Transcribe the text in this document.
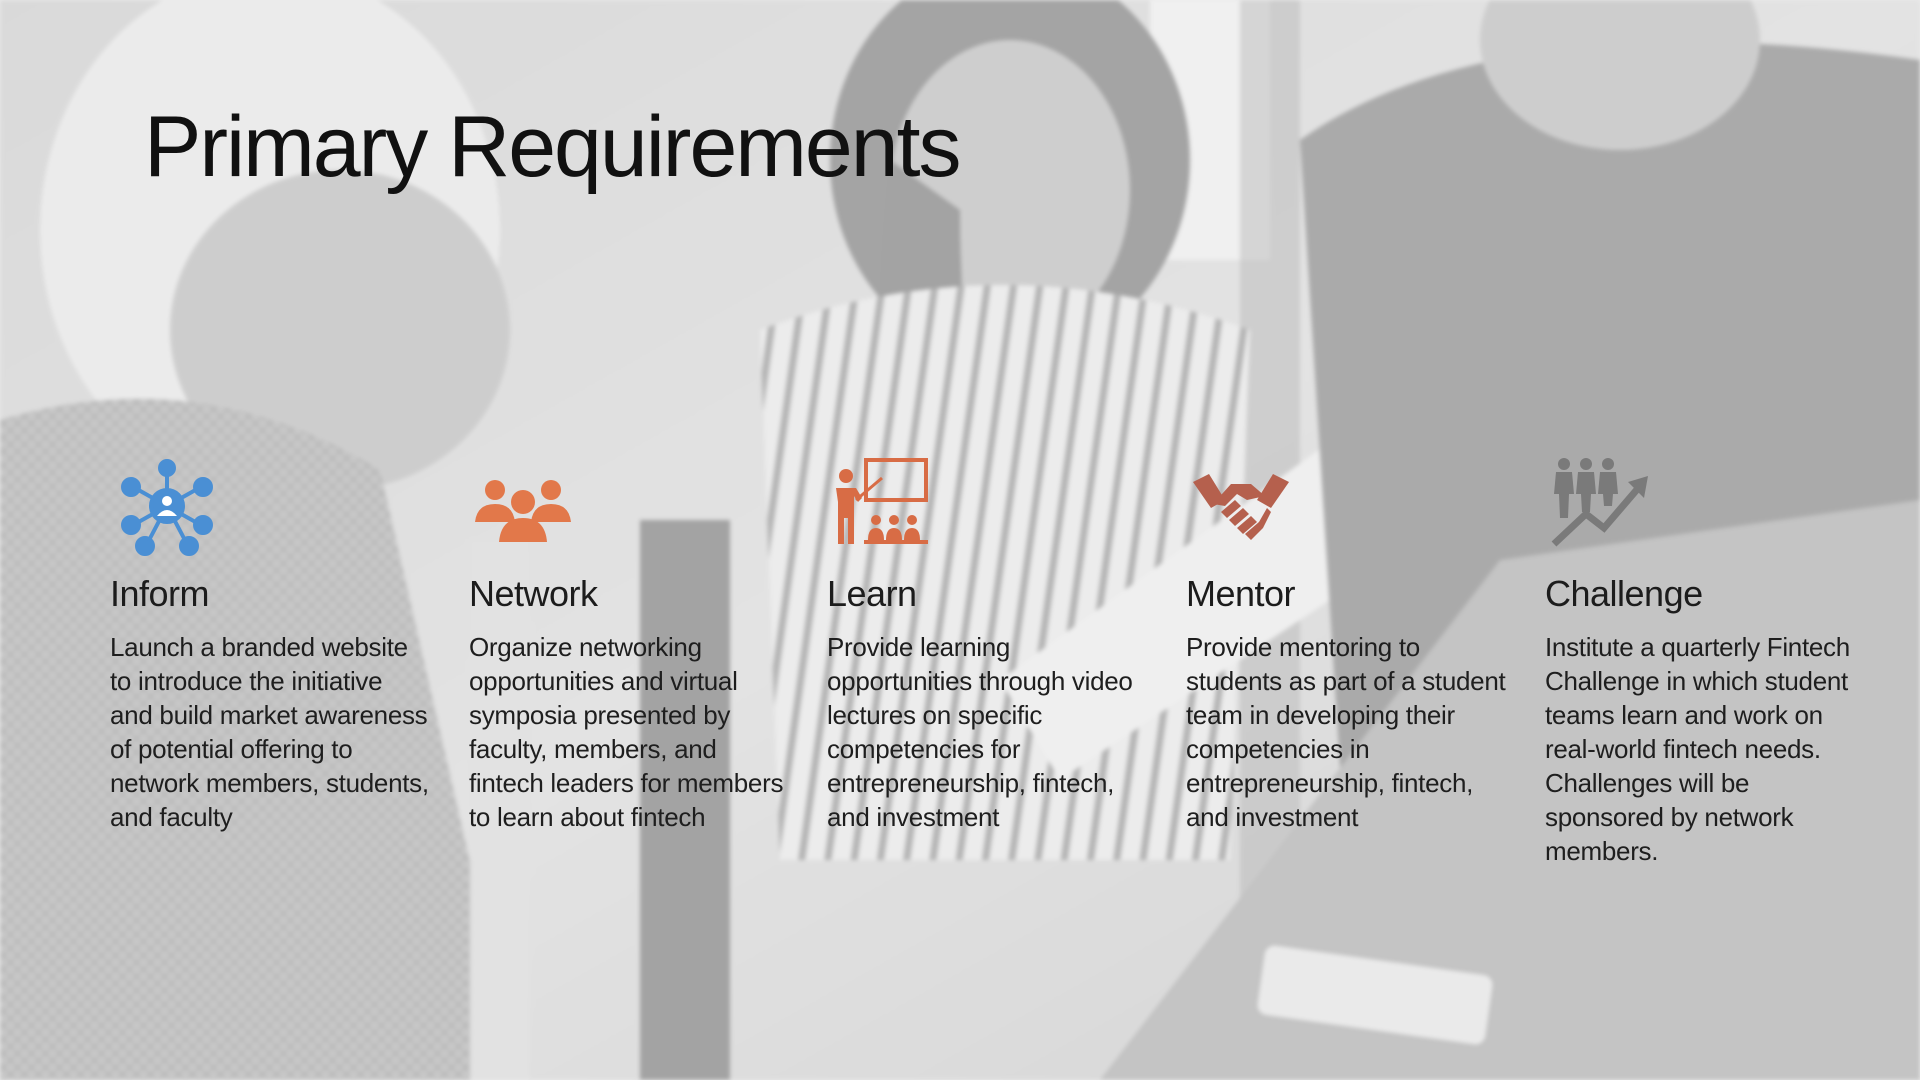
Primary Requirements
Inform

Launch a branded website to introduce the initiative and build market awareness of potential offering to network members, students, and faculty

Network

Organize networking opportunities and virtual symposia presented by faculty, members, and fintech leaders for members to learn about fintech

Learn

Provide learning opportunities through video lectures on specific competencies for entrepreneurship, fintech, and investment

Mentor

Provide mentoring to students as part of a student team in developing their competencies in entrepreneurship, fintech, and investment

Challenge

Institute a quarterly Fintech Challenge in which student teams learn and work on real-world fintech needs. Challenges will be sponsored by network members.
